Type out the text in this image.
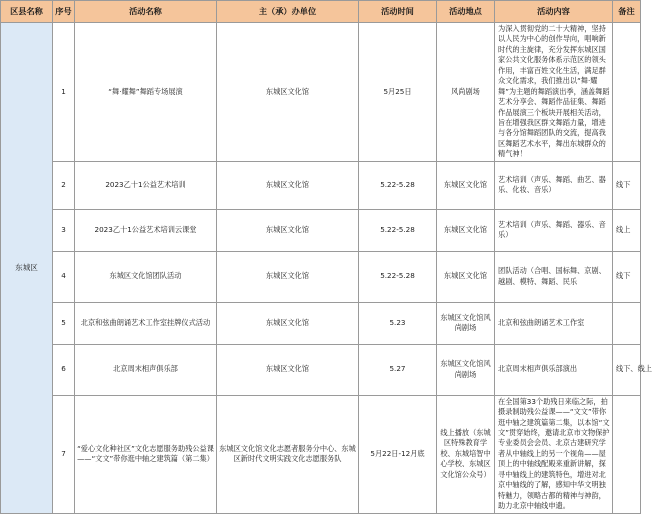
区县名称	序号	活动名称	主（承）办单位	活动时间	活动地点	活动内容	备注
东城区	1	“舞·耀舞”舞蹈专场展演	东城区文化馆	5月25日	风尚剧场	为深入贯彻党的二十大精神，坚持以人民为中心的创作导向，唱响新时代的主旋律，充分发挥东城区国家公共文化服务体系示范区的领头作用，丰富百姓文化生活，满足群众文化需求，我们推出以“舞·耀舞”为主题的舞蹈演出季，涵盖舞蹈艺术分享会、舞蹈作品征集、舞蹈作品展演三个板块开展相关活动，旨在增强我区群文舞蹈力量，增进与各分馆舞蹈团队的交流，提高我区舞蹈艺术水平，舞出东城群众的精气神！	
	2	2023乙十1公益艺术培训	东城区文化馆	5.22-5.28	东城区文化馆	艺术培训（声乐、舞蹈、曲艺、器乐、化妆、音乐）	线下
	3	2023乙十1公益艺术培训云课堂	东城区文化馆	5.22-5.28	东城区文化馆	艺术培训（声乐、舞蹈、器乐、音乐）	线上
	4	东城区文化馆团队活动	东城区文化馆	5.22-5.28	东城区文化馆	团队活动（合唱、国标舞、京剧、越剧、模特、舞蹈、民乐	线下
	5	北京和弦曲朗诵艺术工作室挂牌仪式活动	东城区文化馆	5.23	东城区文化馆风尚剧场	北京和弦曲朗诵艺术工作室	
	6	北京周末相声俱乐部	东城区文化馆	5.27	东城区文化馆风尚剧场	北京周末相声俱乐部演出	线下、线上
	7	“爱心文化种社区”文化志愿服务助残公益课——“文文”带你逛中轴之建筑篇（第二集）	东城区文化馆文化志愿者服务分中心、东城区新时代文明实践文化志愿服务队	5月22日-12月底	线上播放（东城区特殊教育学校、东城培智中心学校、东城区文化馆公众号）	在全国第33个助残日来临之际，拍摄录制助残公益课——“文文”带你逛中轴之建筑篇第二集，以本馆“文文”贯穿始终，邀请北京市文物保护专业委员会会员、北京古建研究学者从中轴线上的另一个视角——屋顶上的中轴线配殿来重新讲解，探寻中轴线上的建筑特色，增进对北京中轴线的了解，感知中华文明独特魅力，领略古都的精神与神韵，助力北京中轴线申遗。	
